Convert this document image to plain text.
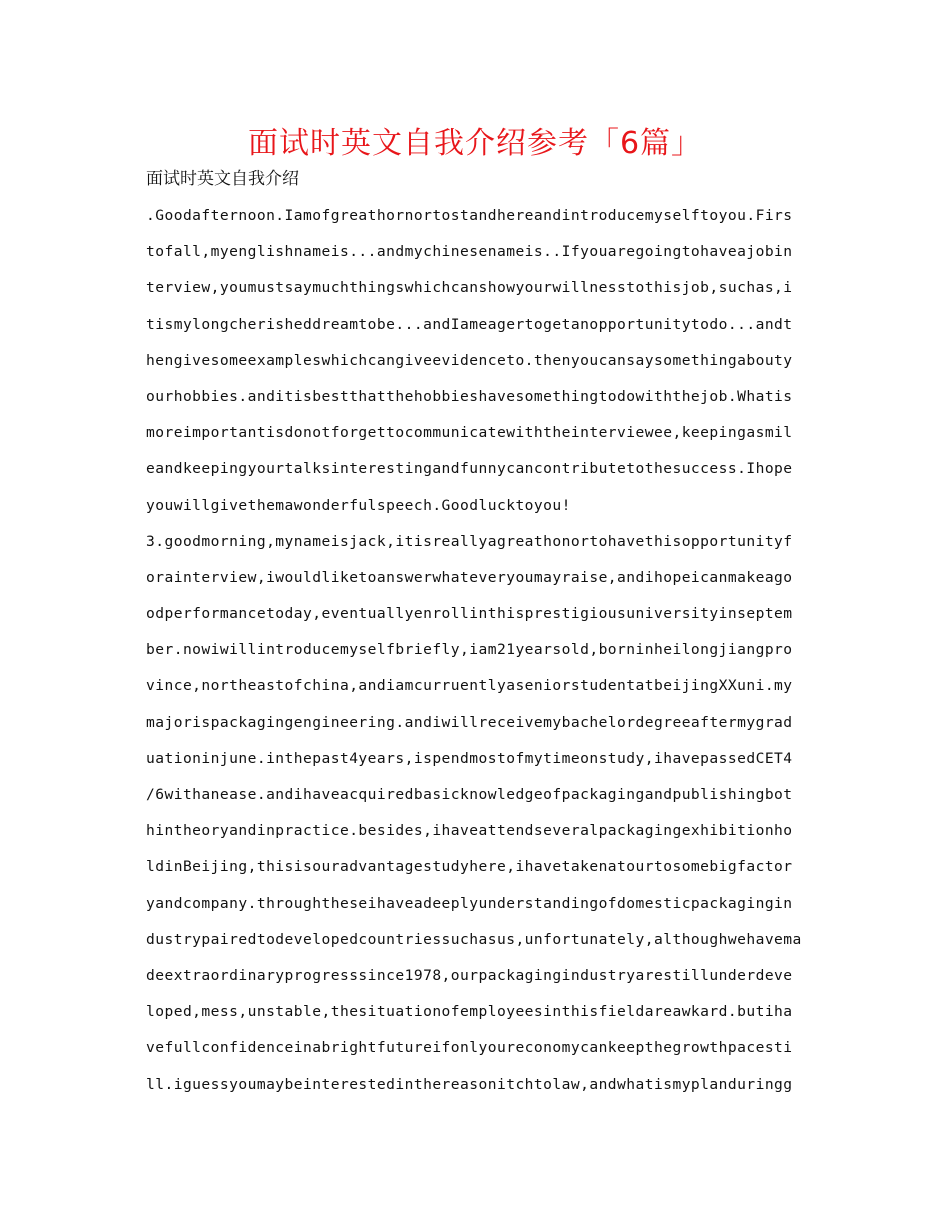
面试时英文自我介绍参考「6篇」
面试时英文自我介绍
.Goodafternoon.Iamofgreathornortostandhereandintroducemyselftoyou.Firs
tofall,myenglishnameis...andmychinesenameis..Ifyouaregoingtohaveajobin
terview,youmustsaymuchthingswhichcanshowyourwillnesstothisjob,suchas,i
tismylongcherisheddreamtobe...andIameagertogetanopportunitytodo...andt
hengivesomeexampleswhichcangiveevidenceto.thenyoucansaysomethingabouty
ourhobbies.anditisbestthatthehobbieshavesomethingtodowiththejob.Whatis
moreimportantisdonotforgettocommunicatewiththeinterviewee,keepingasmil
eandkeepingyourtalksinterestingandfunnycancontributetothesuccess.Ihope
youwillgivethemawonderfulspeech.Goodlucktoyou!
3.goodmorning,mynameisjack,itisreallyagreathonortohavethisopportunityf
orainterview,iwouldliketoanswerwhateveryoumayraise,andihopeicanmakeago
odperformancetoday,eventuallyenrollinthisprestigiousuniversityinseptem
ber.nowiwillintroducemyselfbriefly,iam21yearsold,borninheilongjiangpro
vince,northeastofchina,andiamcurruentlyaseniorstudentatbeijingXXuni.my
majorispackagingengineering.andiwillreceivemybachelordegreeaftermygrad
uationinjune.inthepast4years,ispendmostofmytimeonstudy,ihavepassedCET4
/6withanease.andihaveacquiredbasicknowledgeofpackagingandpublishingbot
hintheoryandinpractice.besides,ihaveattendseveralpackagingexhibitionho
ldinBeijing,thisisouradvantagestudyhere,ihavetakenatourtosomebigfactor
yandcompany.throughtheseihaveadeeplyunderstandingofdomesticpackagingin
dustrypairedtodevelopedcountriessuchasus,unfortunately,althoughwehavema
deextraordinaryprogresssince1978,ourpackagingindustryarestillunderdeve
loped,mess,unstable,thesituationofemployeesinthisfieldareawkard.butiha
vefullconfidenceinabrightfutureifonlyoureconomycankeepthegrowthpacesti
ll.iguessyoumaybeinterestedinthereasonitchtolaw,andwhatismyplanduringg
